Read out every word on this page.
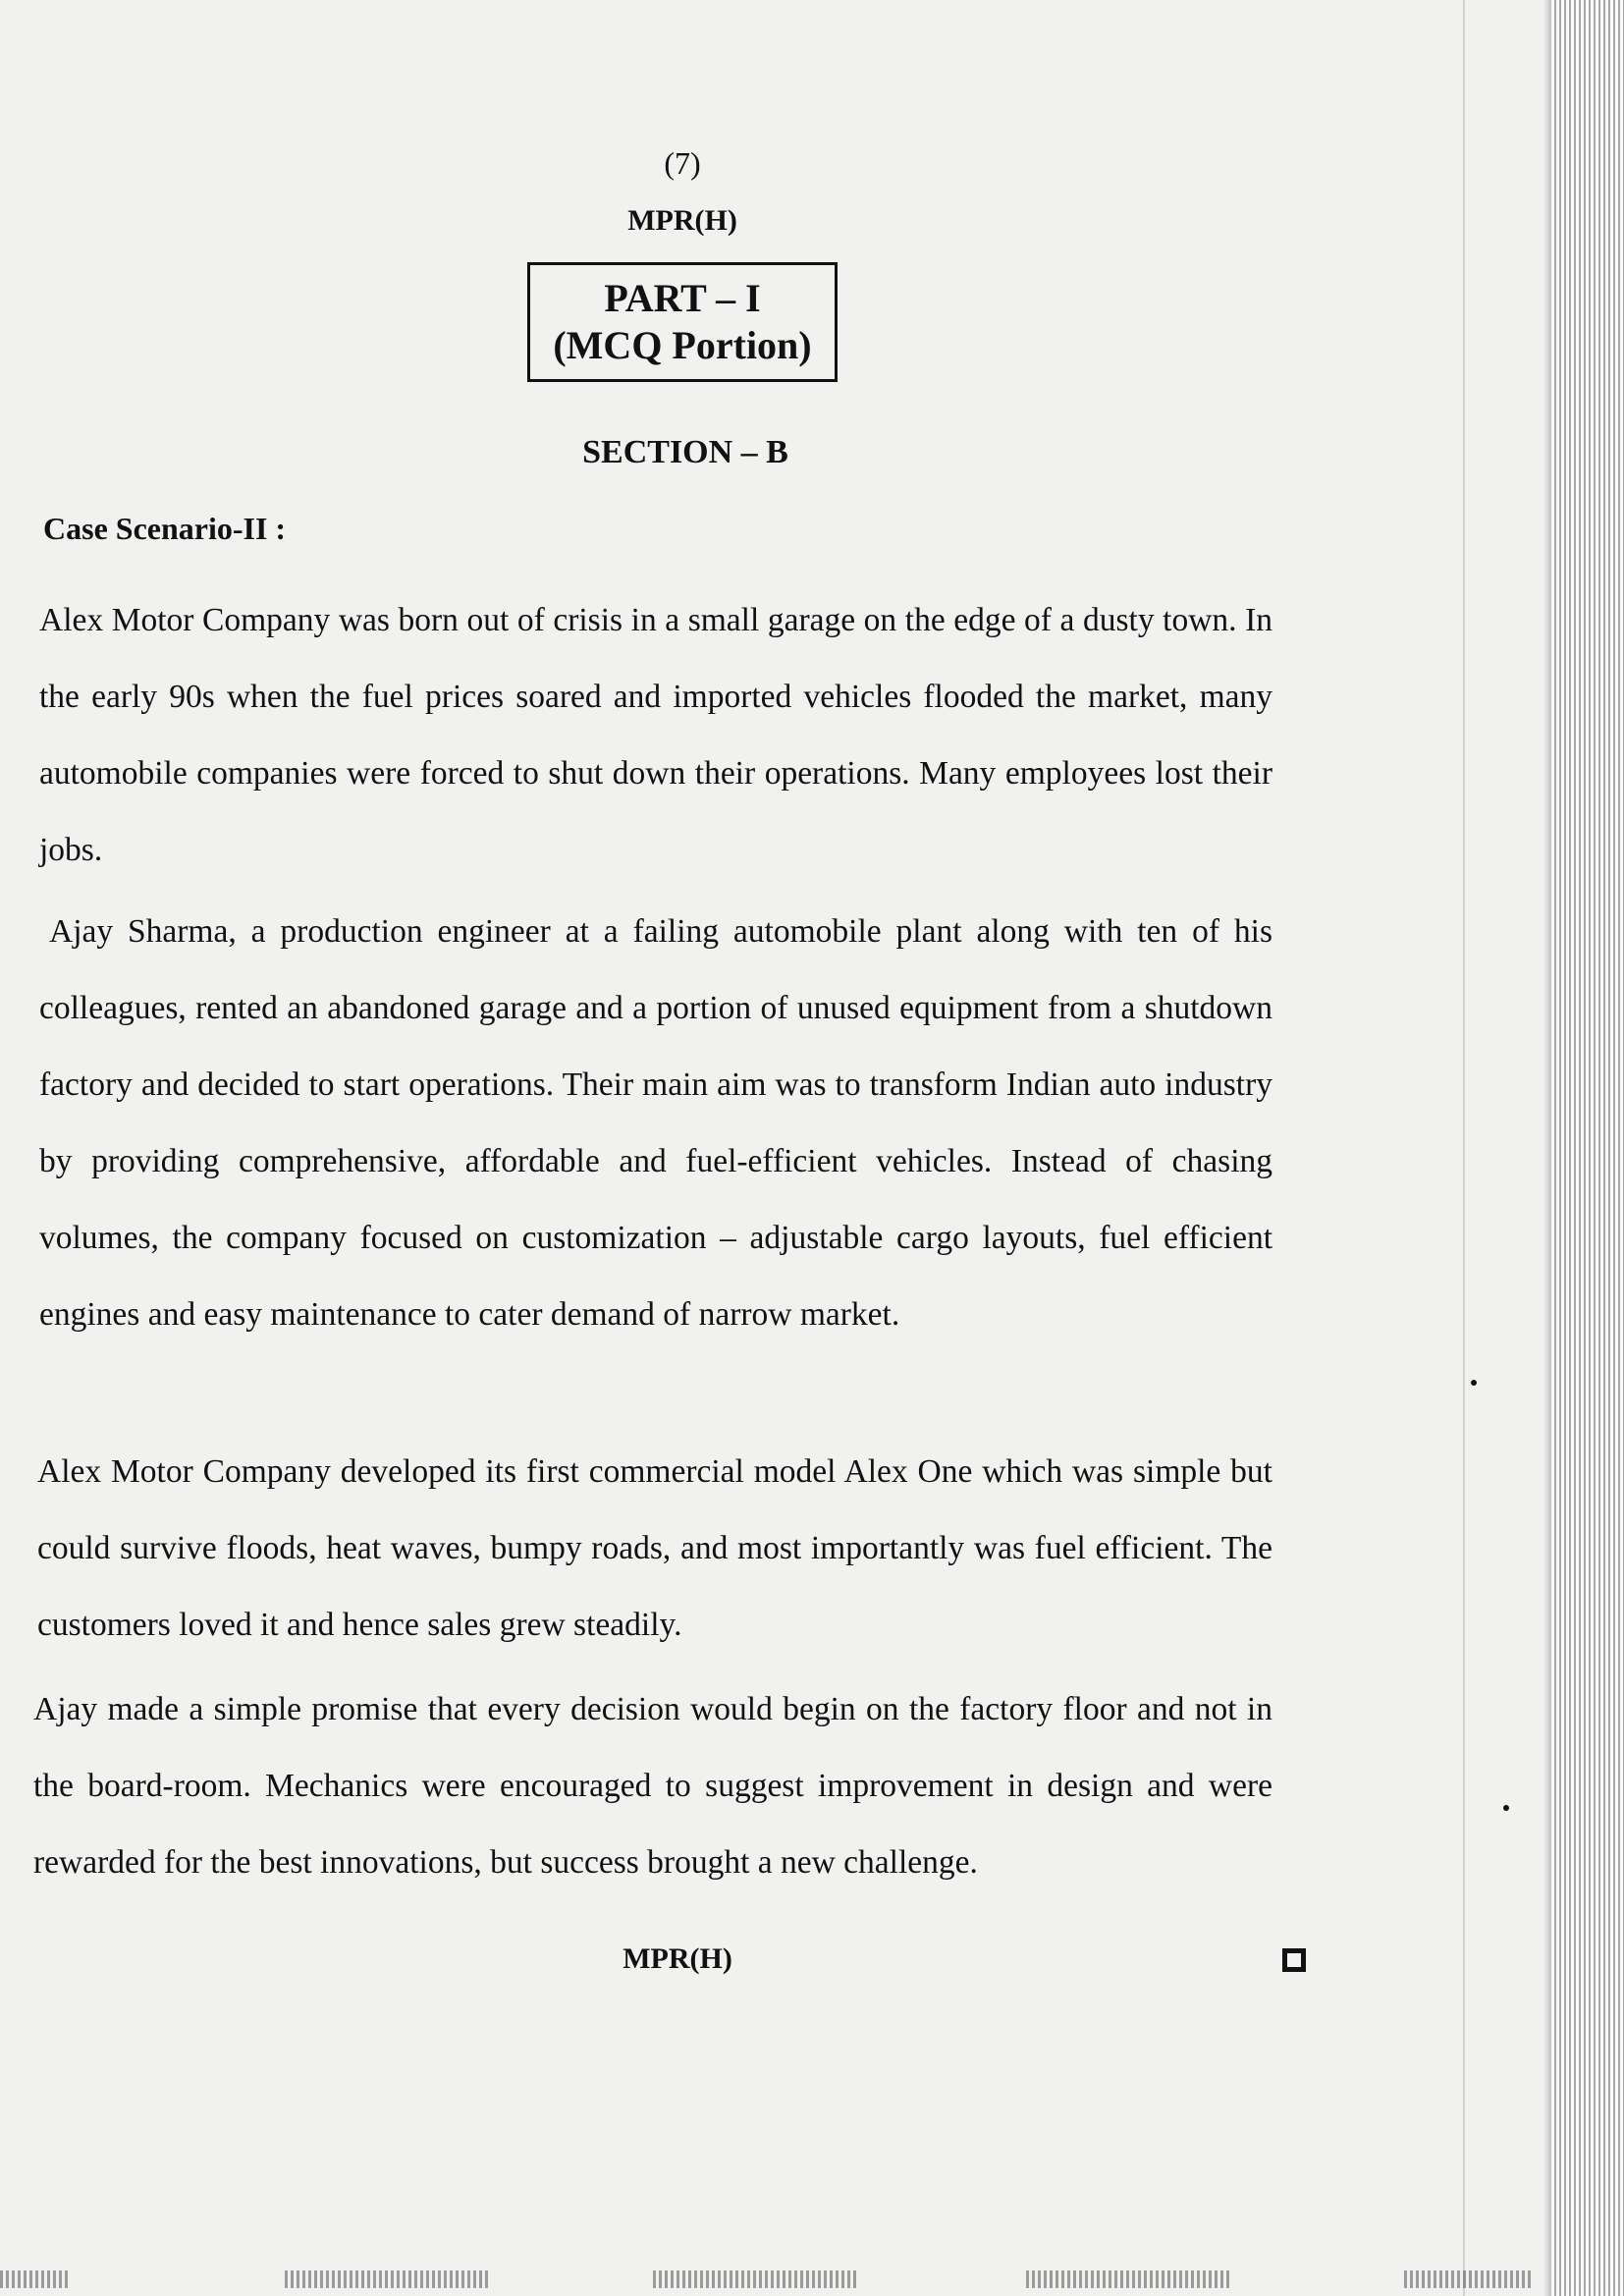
(7)
MPR(H)
PART – I
(MCQ Portion)
SECTION – B
Case Scenario-II :
Alex Motor Company was born out of crisis in a small garage on the edge of a dusty town. In the early 90s when the fuel prices soared and imported vehicles flooded the market, many automobile companies were forced to shut down their operations. Many employees lost their jobs.
Ajay Sharma, a production engineer at a failing automobile plant along with ten of his colleagues, rented an abandoned garage and a portion of unused equipment from a shutdown factory and decided to start operations. Their main aim was to transform Indian auto industry by providing comprehensive, affordable and fuel-efficient vehicles. Instead of chasing volumes, the company focused on customization – adjustable cargo layouts, fuel efficient engines and easy maintenance to cater demand of narrow market.
Alex Motor Company developed its first commercial model Alex One which was simple but could survive floods, heat waves, bumpy roads, and most importantly was fuel efficient. The customers loved it and hence sales grew steadily.
Ajay made a simple promise that every decision would begin on the factory floor and not in the board-room. Mechanics were encouraged to suggest improvement in design and were rewarded for the best innovations, but success brought a new challenge.
MPR(H)
